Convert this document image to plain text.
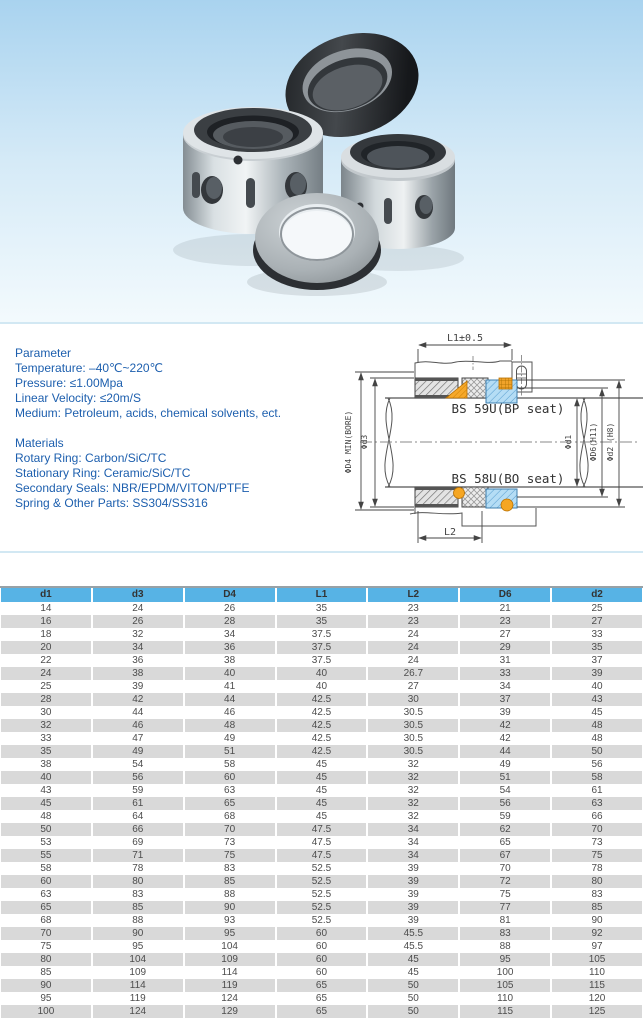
Parameter
Temperature: –40℃~220℃
Pressure: ≤1.00Mpa
Linear Velocity: ≤20m/S
Medium: Petroleum, acids, chemical solvents, ect.
Materials
Rotary Ring: Carbon/SiC/TC
Stationary Ring: Ceramic/SiC/TC
Secondary Seals: NBR/EPDM/VITON/PTFE
Spring & Other Parts: SS304/SS316
L1±0.5
L2
BS 59U(BP seat)
BS 58U(BO seat)
ΦD4 MIN(BORE) Φd3	Φd1 ΦD6(H11) Φd2 (H8)
d1	d3	D4	L1	L2	D6	d2
14	24	26	35	23	21	25
16	26	28	35	23	23	27
18	32	34	37.5	24	27	33
20	34	36	37.5	24	29	35
22	36	38	37.5	24	31	37
24	38	40	40	26.7	33	39
25	39	41	40	27	34	40
28	42	44	42.5	30	37	43
30	44	46	42.5	30.5	39	45
32	46	48	42.5	30.5	42	48
33	47	49	42.5	30.5	42	48
35	49	51	42.5	30.5	44	50
38	54	58	45	32	49	56
40	56	60	45	32	51	58
43	59	63	45	32	54	61
45	61	65	45	32	56	63
48	64	68	45	32	59	66
50	66	70	47.5	34	62	70
53	69	73	47.5	34	65	73
55	71	75	47.5	34	67	75
58	78	83	52.5	39	70	78
60	80	85	52.5	39	72	80
63	83	88	52.5	39	75	83
65	85	90	52.5	39	77	85
68	88	93	52.5	39	81	90
70	90	95	60	45.5	83	92
75	95	104	60	45.5	88	97
80	104	109	60	45	95	105
85	109	114	60	45	100	110
90	114	119	65	50	105	115
95	119	124	65	50	110	120
100	124	129	65	50	115	125
